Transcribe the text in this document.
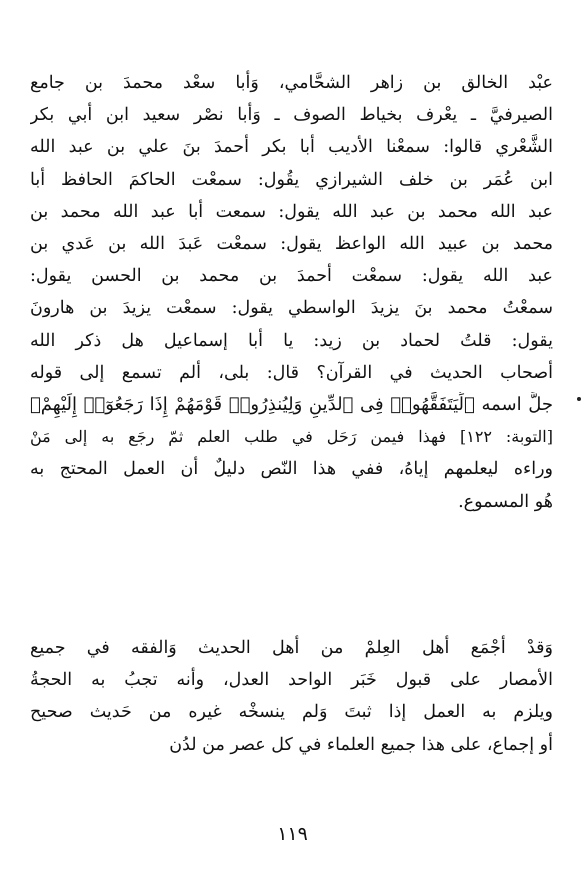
عبْد الخالق بن زاهر الشحَّامي، وَأبا سعْد محمدَ بن جامع
الصيرفيَّ ـ يعْرف بخياط الصوف ـ وَأبا نصْر سعيد ابن أبي بكر
الشَّعْري قالوا: سمعْنا الأديب أبا بكر أحمدَ بنَ علي بن عبد الله
ابن عُمَر بن خلف الشيرازي يقُول: سمعْت الحاكمَ الحافظ أبا
عبد الله محمد بن عبد الله يقول: سمعت أبا عبد الله محمد بن
محمد بن عبيد الله الواعظ يقول: سمعْت عَبدَ الله بن عَدي بن
عبد الله يقول: سمعْت أحمدَ بن محمد بن الحسن يقول:
سمعْتُ محمد بنَ يزيدَ الواسطي يقول: سمعْت يزيدَ بن هارونَ
يقول: قلتُ لحماد بن زيد: يا أبا إسماعيل هل ذكر الله
أصحاب الحديث في القرآن؟ قال: بلى، ألم تسمع إلى قوله
جلَّ اسمه ﴿لِّيَتَفَقَّهُوا۟ فِى ٱلدِّينِ وَلِيُنذِرُوا۟ قَوْمَهُمْ إِذَا رَجَعُوٓا۟ إِلَيْهِمْ﴾
[التوبة: ١٢٢] فهذا فيمن رَحَل في طلب العلم ثمّ رجَع به إلى مَنْ
وراءه ليعلمهم إياهُ، ففي هذا النّص دليلٌ أن العمل المحتج به
هُو المسموع.
وَقدْ أجْمَع أهل العِلمْ من أهل الحديث وَالفقه في جميع
الأمصار على قبول خَبَر الواحد العدل، وأنه تجبُ به الحجةُ
ويلزم به العمل إذا ثبتَ وَلم ينسخْه غيره من حَديث صحيح
أو إجماع، على هذا جميع العلماء في كل عصر من لدُن
١١٩
